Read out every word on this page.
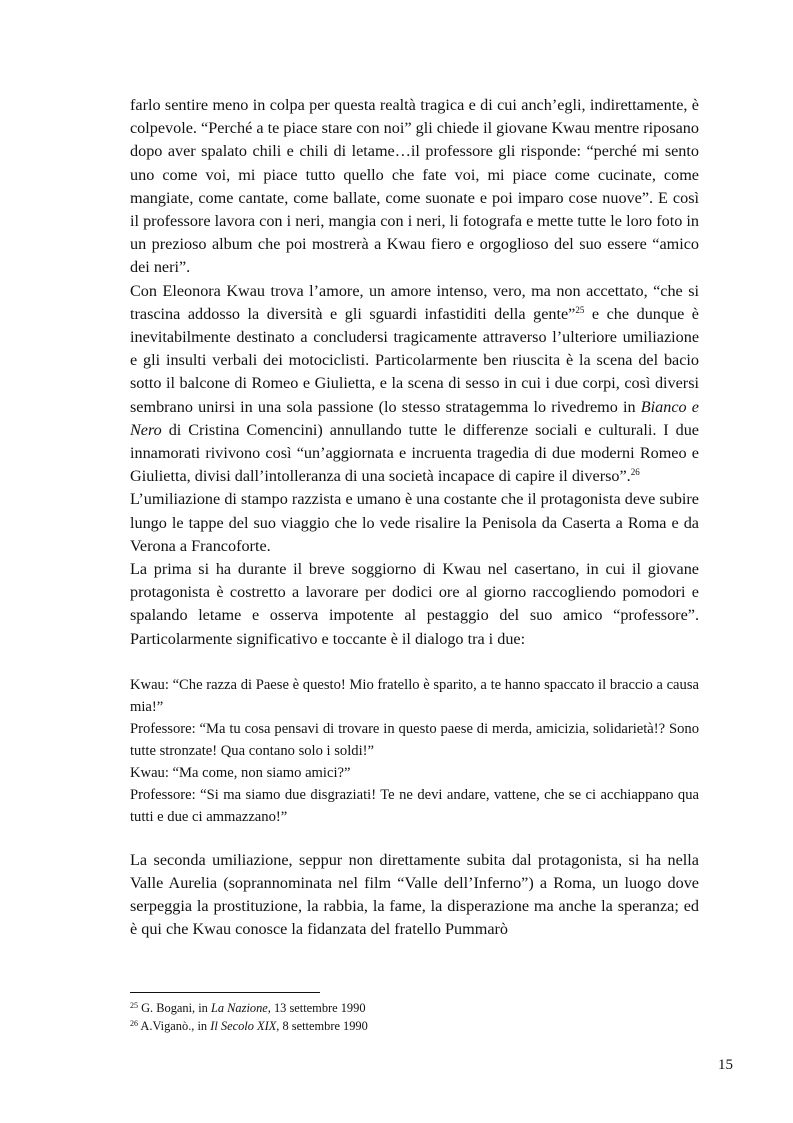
farlo sentire meno in colpa per questa realtà tragica e di cui anch’egli, indirettamente, è colpevole. “Perché a te piace stare con noi” gli chiede il giovane Kwau mentre riposano dopo aver spalato chili e chili di letame…il professore gli risponde: “perché mi sento uno come voi, mi piace tutto quello che fate voi, mi piace come cucinate, come mangiate, come cantate, come ballate, come suonate e poi imparo cose nuove”. E così il professore lavora con i neri, mangia con i neri, li fotografa e mette tutte le loro foto in un prezioso album che poi mostrerà a Kwau fiero e orgoglioso del suo essere “amico dei neri”.

Con Eleonora Kwau trova l’amore, un amore intenso, vero, ma non accettato, “che si trascina addosso la diversità e gli sguardi infastiditi della gente”$^{25}$ e che dunque è inevitabilmente destinato a concludersi tragicamente attraverso l’ulteriore umiliazione e gli insulti verbali dei motociclisti. Particolarmente ben riuscita è la scena del bacio sotto il balcone di Romeo e Giulietta, e la scena di sesso in cui i due corpi, così diversi sembrano unirsi in una sola passione (lo stesso stratagemma lo rivedremo in Bianco e Nero di Cristina Comencini) annullando tutte le differenze sociali e culturali. I due innamorati rivivono così “un’aggiornata e incruenta tragedia di due moderni Romeo e Giulietta, divisi dall’intolleranza di una società incapace di capire il diverso”.$^{26}$

L’umiliazione di stampo razzista e umano è una costante che il protagonista deve subire lungo le tappe del suo viaggio che lo vede risalire la Penisola da Caserta a Roma e da Verona a Francoforte.

La prima si ha durante il breve soggiorno di Kwau nel casertano, in cui il giovane protagonista è costretto a lavorare per dodici ore al giorno raccogliendo pomodori e spalando letame e osserva impotente al pestaggio del suo amico “professore”. Particolarmente significativo e toccante è il dialogo tra i due:

Kwau: “Che razza di Paese è questo! Mio fratello è sparito, a te hanno spaccato il braccio a causa mia!”
Professore: “Ma tu cosa pensavi di trovare in questo paese di merda, amicizia, solidarietà!? Sono tutte stronzate! Qua contano solo i soldi!”
Kwau: “Ma come, non siamo amici?”
Professore: “Si ma siamo due disgraziati! Te ne devi andare, vattene, che se ci acchiappano qua tutti e due ci ammazzano!”

La seconda umiliazione, seppur non direttamente subita dal protagonista, si ha nella Valle Aurelia (soprannominata nel film “Valle dell’Inferno”) a Roma, un luogo dove serpeggia la prostituzione, la rabbia, la fame, la disperazione ma anche la speranza; ed è qui che Kwau conosce la fidanzata del fratello Pummarò

$^{25}$ G. Bogani, in La Nazione, 13 settembre 1990
$^{26}$ A.Viganò., in Il Secolo XIX, 8 settembre 1990
15
